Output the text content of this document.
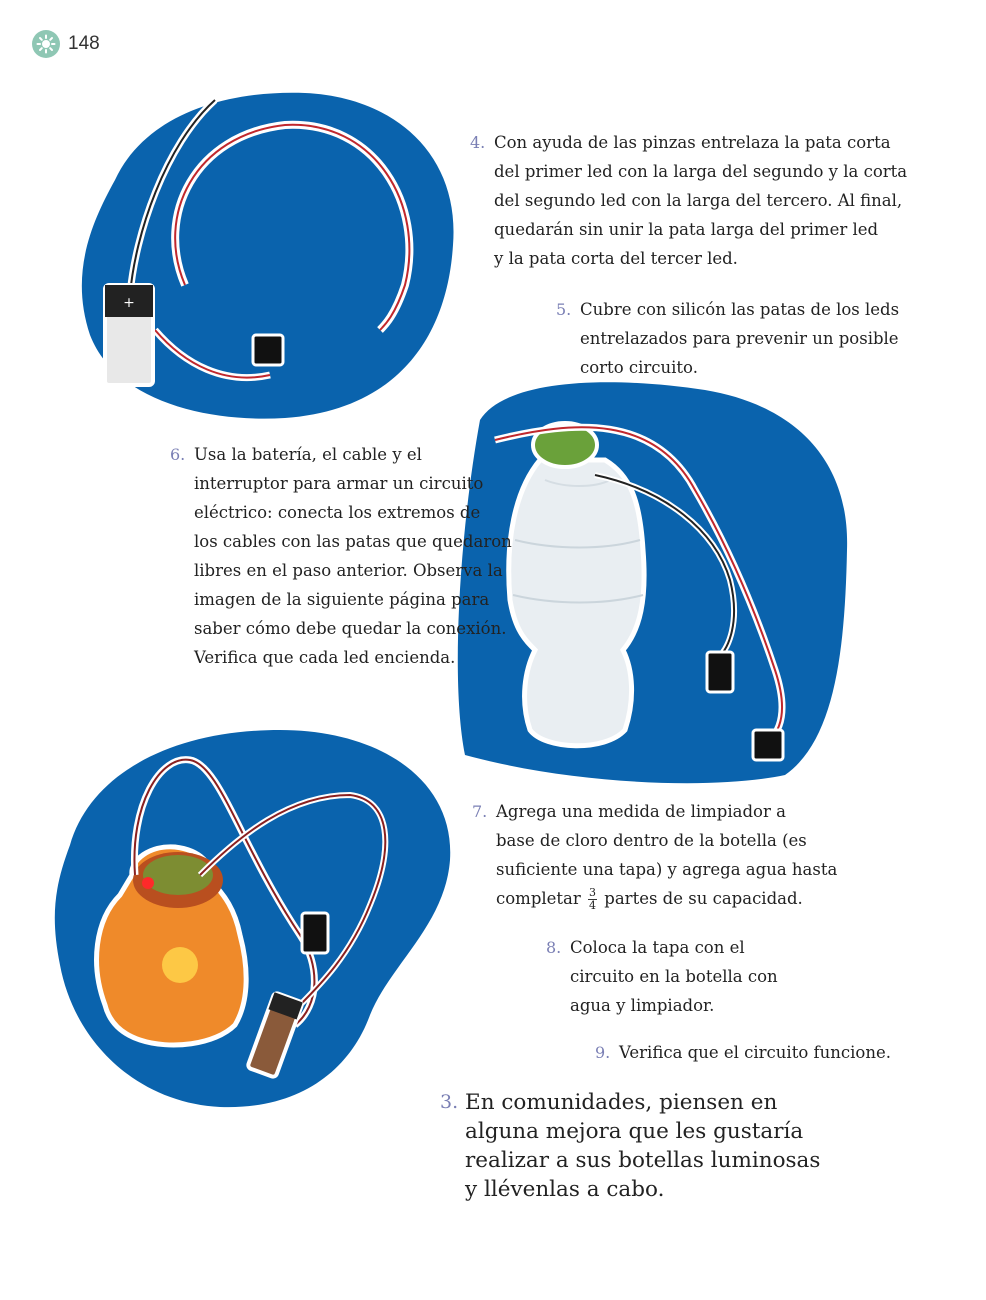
148
+
4. Con ayuda de las pinzas entrelaza la pata corta

del primer led con la larga del segundo y la corta

del segundo led con la larga del tercero. Al final,

quedarán sin unir la pata larga del primer led

y la pata corta del tercer led.

5. Cubre con silicón las patas de los leds

entrelazados para prevenir un posible

corto circuito.

6. Usa la batería, el cable y el

interruptor para armar un circuito

eléctrico: conecta los extremos de

los cables con las patas que quedaron

libres en el paso anterior. Observa la

imagen de la siguiente página para

saber cómo debe quedar la conexión.

Verifica que cada led encienda.

7. Agrega una medida de limpiador a

base de cloro dentro de la botella (es

suficiente una tapa) y agrega agua hasta

completar $\frac{3}{4}$ partes de su capacidad.

8. Coloca la tapa con el

circuito en la botella con

agua y limpiador.

9. Verifica que el circuito funcione.

3. En comunidades, piensen en

alguna mejora que les gustaría

realizar a sus botellas luminosas

y llévenlas a cabo.
